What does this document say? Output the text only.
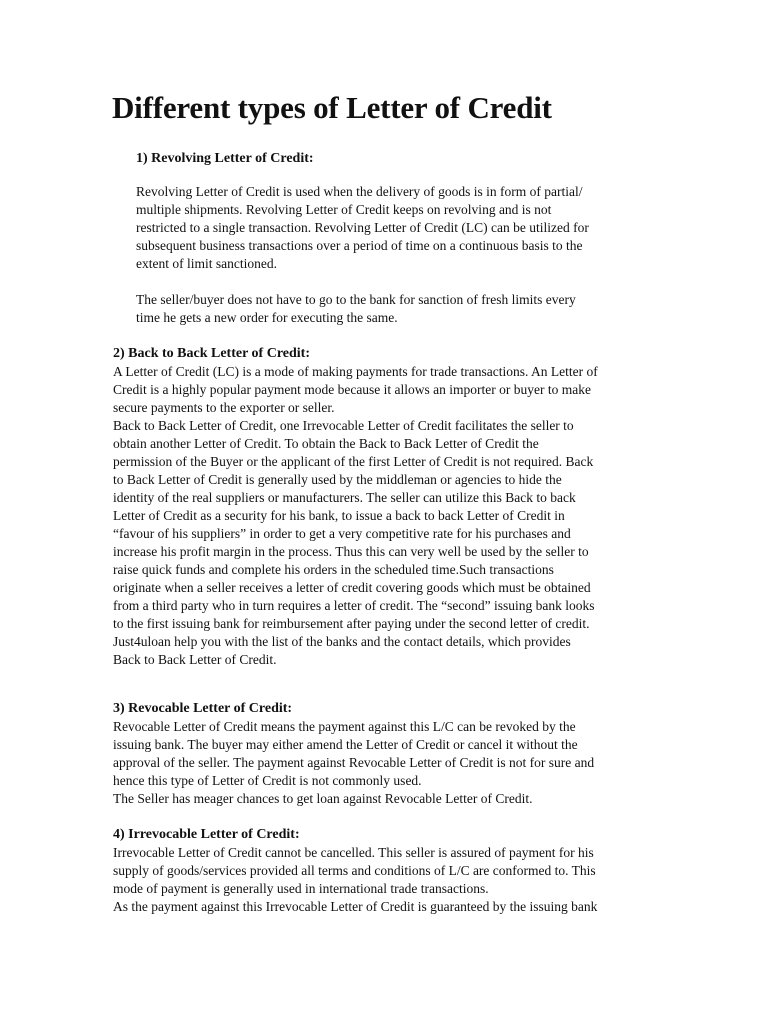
Different types of Letter of Credit

1) Revolving Letter of Credit:

Revolving Letter of Credit is used when the delivery of goods is in form of partial/
multiple shipments. Revolving Letter of Credit keeps on revolving and is not
restricted to a single transaction. Revolving Letter of Credit (LC) can be utilized for
subsequent business transactions over a period of time on a continuous basis to the
extent of limit sanctioned.

The seller/buyer does not have to go to the bank for sanction of fresh limits every
time he gets a new order for executing the same.

2) Back to Back Letter of Credit:

A Letter of Credit (LC) is a mode of making payments for trade transactions. An Letter of
Credit is a highly popular payment mode because it allows an importer or buyer to make
secure payments to the exporter or seller.
Back to Back Letter of Credit, one Irrevocable Letter of Credit facilitates the seller to
obtain another Letter of Credit. To obtain the Back to Back Letter of Credit the
permission of the Buyer or the applicant of the first Letter of Credit is not required. Back
to Back Letter of Credit is generally used by the middleman or agencies to hide the
identity of the real suppliers or manufacturers. The seller can utilize this Back to back
Letter of Credit as a security for his bank, to issue a back to back Letter of Credit in
“favour of his suppliers” in order to get a very competitive rate for his purchases and
increase his profit margin in the process. Thus this can very well be used by the seller to
raise quick funds and complete his orders in the scheduled time.Such transactions
originate when a seller receives a letter of credit covering goods which must be obtained
from a third party who in turn requires a letter of credit. The “second” issuing bank looks
to the first issuing bank for reimbursement after paying under the second letter of credit.
Just4uloan help you with the list of the banks and the contact details, which provides
Back to Back Letter of Credit.

3) Revocable Letter of Credit:

Revocable Letter of Credit means the payment against this L/C can be revoked by the
issuing bank. The buyer may either amend the Letter of Credit or cancel it without the
approval of the seller. The payment against Revocable Letter of Credit is not for sure and
hence this type of Letter of Credit is not commonly used.
The Seller has meager chances to get loan against Revocable Letter of Credit.

4) Irrevocable Letter of Credit:

Irrevocable Letter of Credit cannot be cancelled. This seller is assured of payment for his
supply of goods/services provided all terms and conditions of L/C are conformed to. This
mode of payment is generally used in international trade transactions.
As the payment against this Irrevocable Letter of Credit is guaranteed by the issuing bank
